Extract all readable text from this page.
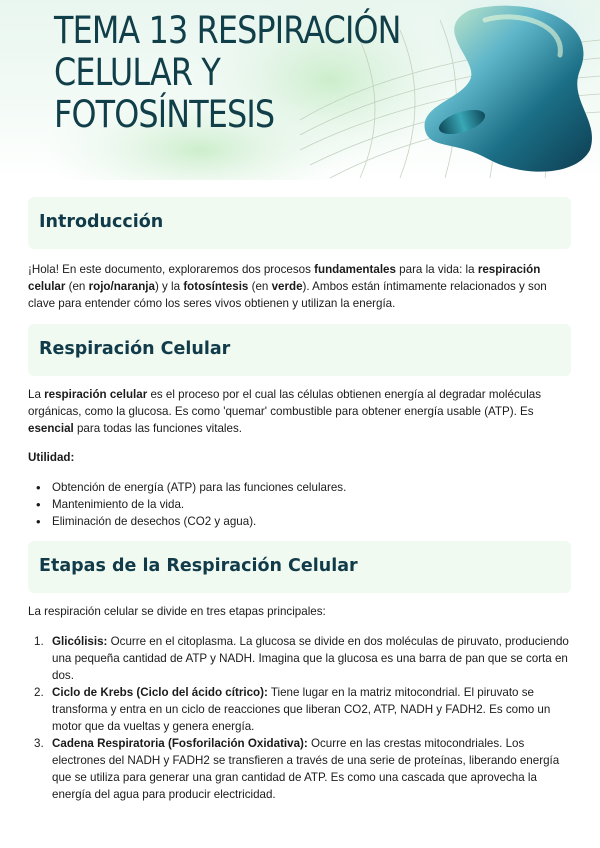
TEMA 13 RESPIRACIÓN
CELULAR Y
FOTOSÍNTESIS
Introducción

¡Hola! En este documento, exploraremos dos procesos fundamentales para la vida: la respiración celular (en rojo/naranja) y la fotosíntesis (en verde). Ambos están íntimamente relacionados y son clave para entender cómo los seres vivos obtienen y utilizan la energía.

Respiración Celular

La respiración celular es el proceso por el cual las células obtienen energía al degradar moléculas orgánicas, como la glucosa. Es como 'quemar' combustible para obtener energía usable (ATP). Es esencial para todas las funciones vitales.

Utilidad:

• Obtención de energía (ATP) para las funciones celulares.
• Mantenimiento de la vida.
• Eliminación de desechos (CO2 y agua).
Etapas de la Respiración Celular

La respiración celular se divide en tres etapas principales:

1. Glicólisis: Ocurre en el citoplasma. La glucosa se divide en dos moléculas de piruvato, produciendo una pequeña cantidad de ATP y NADH. Imagina que la glucosa es una barra de pan que se corta en dos.
2. Ciclo de Krebs (Ciclo del ácido cítrico): Tiene lugar en la matriz mitocondrial. El piruvato se transforma y entra en un ciclo de reacciones que liberan CO2, ATP, NADH y FADH2. Es como un motor que da vueltas y genera energía.
3. Cadena Respiratoria (Fosforilación Oxidativa): Ocurre en las crestas mitocondriales. Los electrones del NADH y FADH2 se transfieren a través de una serie de proteínas, liberando energía que se utiliza para generar una gran cantidad de ATP. Es como una cascada que aprovecha la energía del agua para producir electricidad.
